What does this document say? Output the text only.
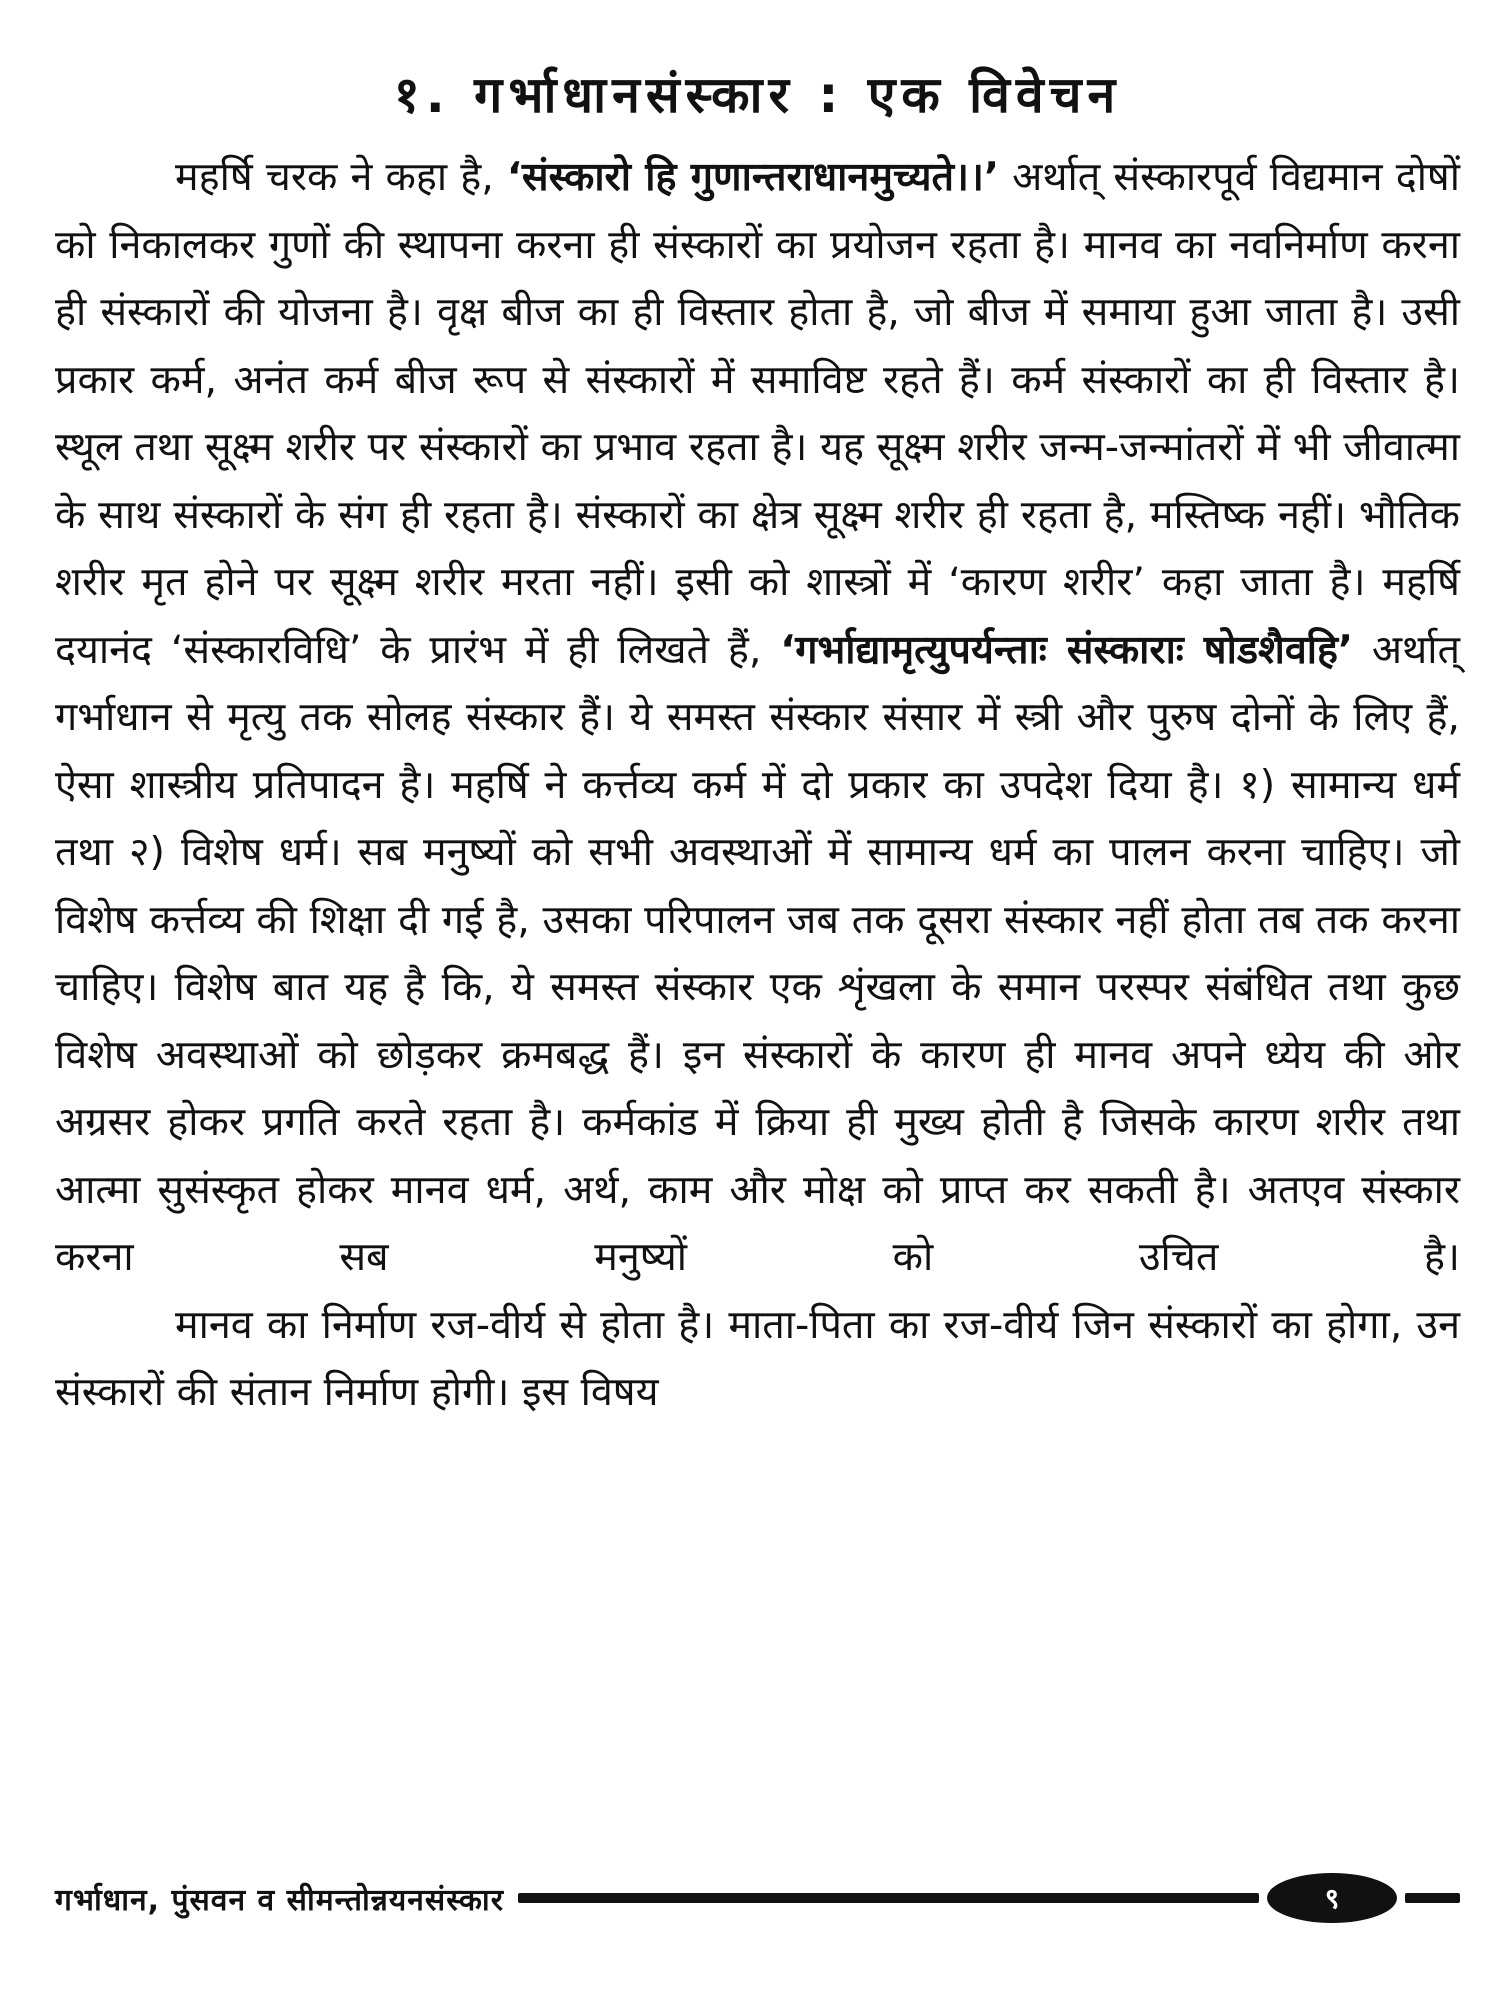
१. गर्भाधानसंस्कार : एक विवेचन

महर्षि चरक ने कहा है, ‘संस्कारो हि गुणान्तराधानमुच्यते।।’ अर्थात् संस्कारपूर्व विद्यमान दोषों को निकालकर गुणों की स्थापना करना ही संस्कारों का प्रयोजन रहता है। मानव का नवनिर्माण करना ही संस्कारों की योजना है। वृक्ष बीज का ही विस्तार होता है, जो बीज में समाया हुआ जाता है। उसी प्रकार कर्म, अनंत कर्म बीज रूप से संस्कारों में समाविष्ट रहते हैं। कर्म संस्कारों का ही विस्तार है। स्थूल तथा सूक्ष्म शरीर पर संस्कारों का प्रभाव रहता है। यह सूक्ष्म शरीर जन्म-जन्मांतरों में भी जीवात्मा के साथ संस्कारों के संग ही रहता है। संस्कारों का क्षेत्र सूक्ष्म शरीर ही रहता है, मस्तिष्क नहीं। भौतिक शरीर मृत होने पर सूक्ष्म शरीर मरता नहीं। इसी को शास्त्रों में ‘कारण शरीर’ कहा जाता है। महर्षि दयानंद ‘संस्कारविधि’ के प्रारंभ में ही लिखते हैं, ‘गर्भाद्यामृत्युपर्यन्ताः संस्काराः षोडशैवहि’ अर्थात् गर्भाधान से मृत्यु तक सोलह संस्कार हैं। ये समस्त संस्कार संसार में स्त्री और पुरुष दोनों के लिए हैं, ऐसा शास्त्रीय प्रतिपादन है। महर्षि ने कर्त्तव्य कर्म में दो प्रकार का उपदेश दिया है। १) सामान्य धर्म तथा २) विशेष धर्म। सब मनुष्यों को सभी अवस्थाओं में सामान्य धर्म का पालन करना चाहिए। जो विशेष कर्त्तव्य की शिक्षा दी गई है, उसका परिपालन जब तक दूसरा संस्कार नहीं होता तब तक करना चाहिए। विशेष बात यह है कि, ये समस्त संस्कार एक शृंखला के समान परस्पर संबंधित तथा कुछ विशेष अवस्थाओं को छोड़कर क्रमबद्ध हैं। इन संस्कारों के कारण ही मानव अपने ध्येय की ओर अग्रसर होकर प्रगति करते रहता है। कर्मकांड में क्रिया ही मुख्य होती है जिसके कारण शरीर तथा आत्मा सुसंस्कृत होकर मानव धर्म, अर्थ, काम और मोक्ष को प्राप्त कर सकती है। अतएव संस्कार करना सब मनुष्यों को उचित है।

मानव का निर्माण रज-वीर्य से होता है। माता-पिता का रज-वीर्य जिन संस्कारों का होगा, उन संस्कारों की संतान निर्माण होगी। इस विषय

गर्भाधान, पुंसवन व सीमन्तोन्नयनसंस्कार	९
